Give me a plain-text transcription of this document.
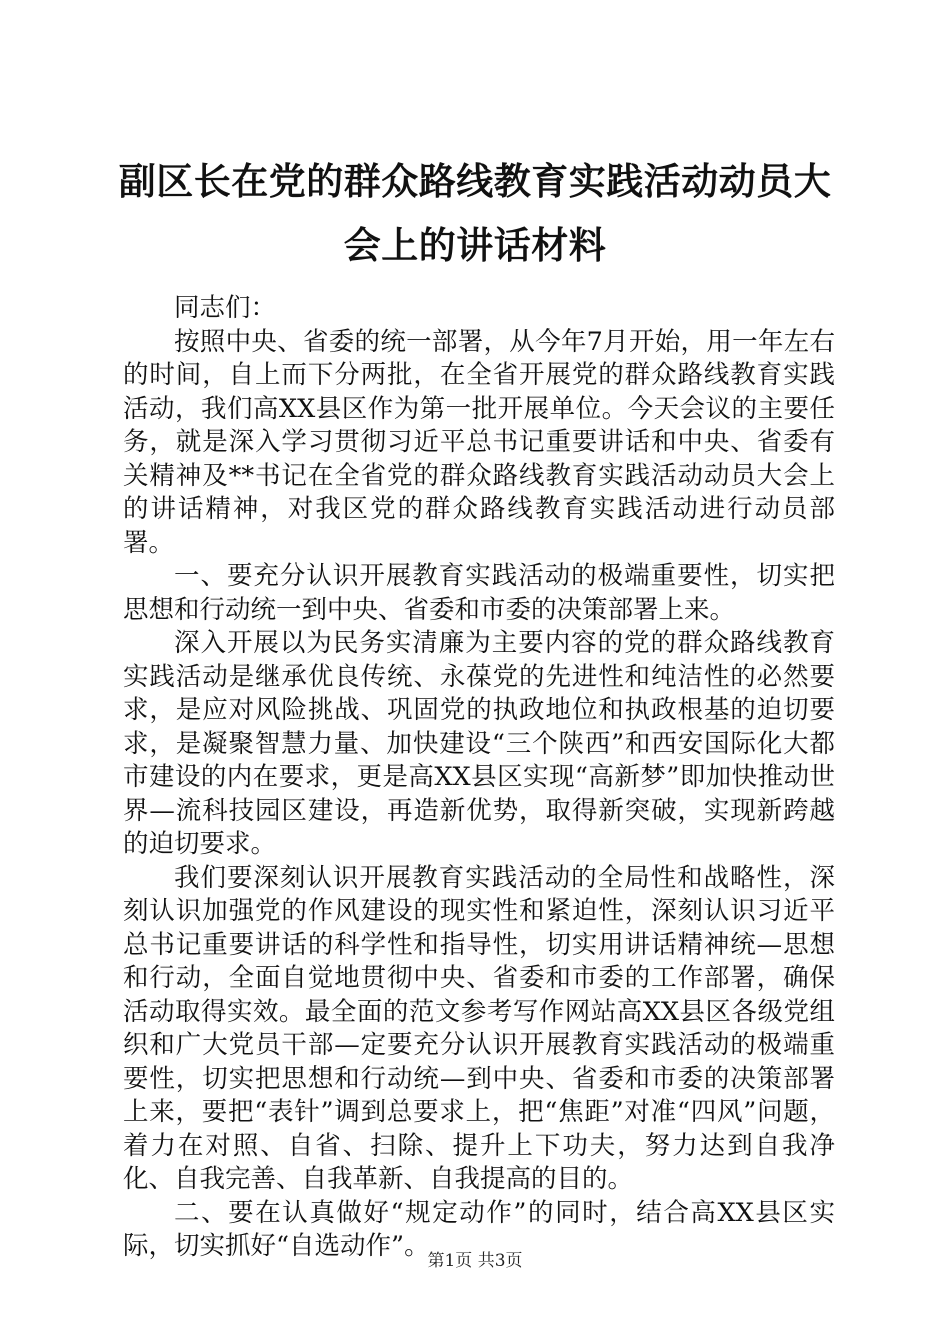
副区长在党的群众路线教育实践活动动员大会上的讲话材料

同志们：

按照中央、省委的统一部署，从今年7月开始，用一年左右的时间，自上而下分两批，在全省开展党的群众路线教育实践活动，我们高XX县区作为第一批开展单位。今天会议的主要任务，就是深入学习贯彻习近平总书记重要讲话和中央、省委有关精神及**书记在全省党的群众路线教育实践活动动员大会上的讲话精神，对我区党的群众路线教育实践活动进行动员部署。

一、要充分认识开展教育实践活动的极端重要性，切实把思想和行动统一到中央、省委和市委的决策部署上来。

深入开展以为民务实清廉为主要内容的党的群众路线教育实践活动是继承优良传统、永葆党的先进性和纯洁性的必然要求，是应对风险挑战、巩固党的执政地位和执政根基的迫切要求，是凝聚智慧力量、加快建设“三个陕西”和西安国际化大都市建设的内在要求，更是高XX县区实现“高新梦”即加快推动世界—流科技园区建设，再造新优势，取得新突破，实现新跨越的迫切要求。

我们要深刻认识开展教育实践活动的全局性和战略性，深刻认识加强党的作风建设的现实性和紧迫性，深刻认识习近平总书记重要讲话的科学性和指导性，切实用讲话精神统—思想和行动，全面自觉地贯彻中央、省委和市委的工作部署，确保活动取得实效。最全面的范文参考写作网站高XX县区各级党组织和广大党员干部—定要充分认识开展教育实践活动的极端重要性，切实把思想和行动统—到中央、省委和市委的决策部署上来，要把“表针”调到总要求上，把“焦距”对准“四风”问题，着力在对照、自省、扫除、提升上下功夫，努力达到自我净化、自我完善、自我革新、自我提高的目的。

二、要在认真做好“规定动作”的同时，结合高XX县区实际，切实抓好“自选动作”。

第1页 共3页
